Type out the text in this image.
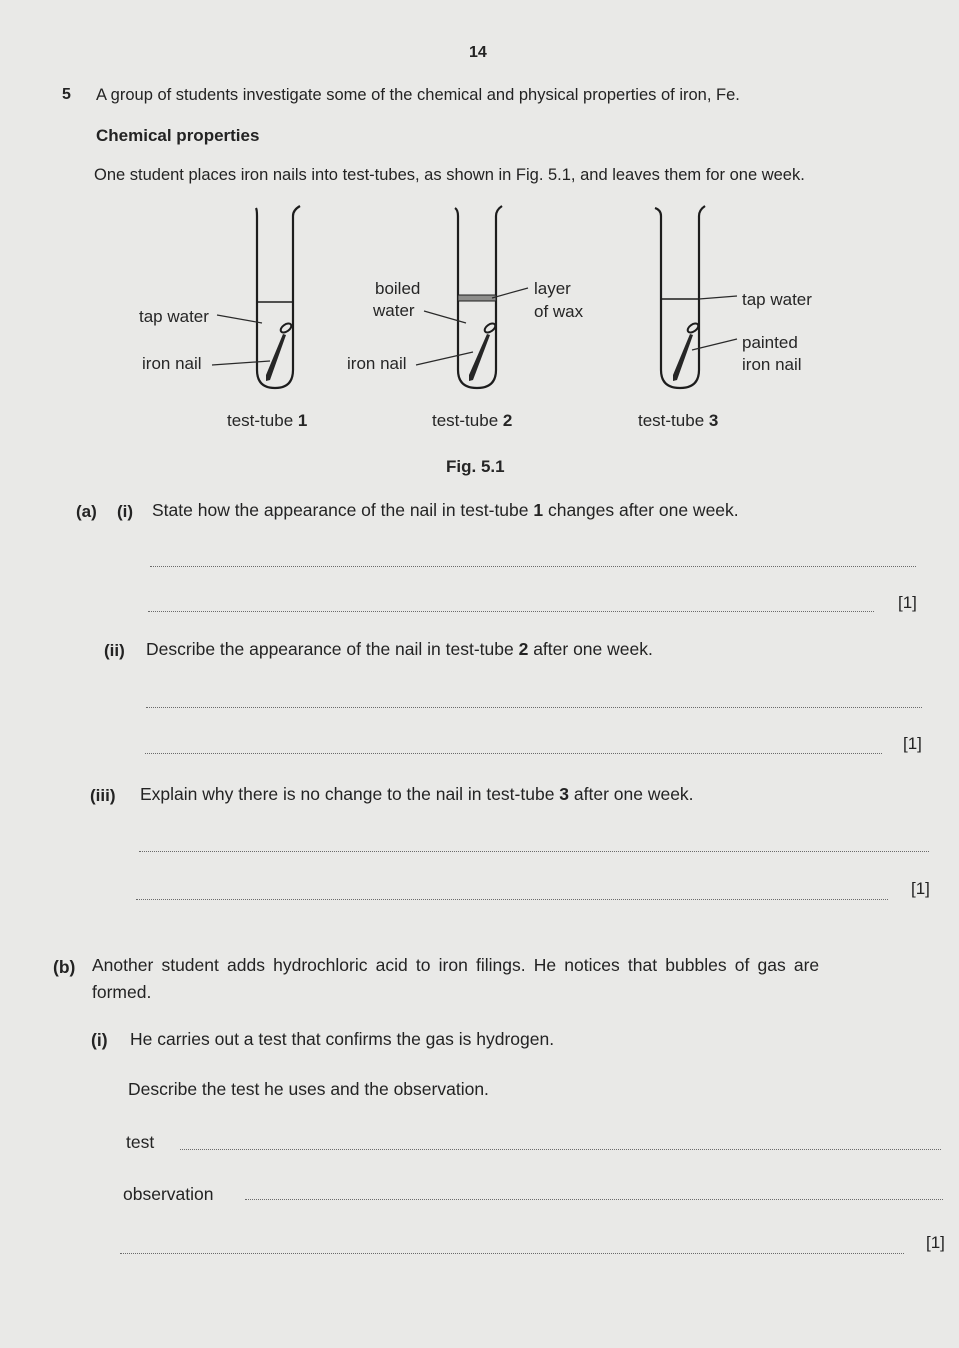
14
5 A group of students investigate some of the chemical and physical properties of iron, Fe.
Chemical properties
One student places iron nails into test-tubes, as shown in Fig. 5.1, and leaves them for one week.
tap water
iron nail
test-tube 1
boiled
water
layer
of wax
iron nail
test-tube 2
tap water
painted
iron nail
test-tube 3
Fig. 5.1
(a) (i) State how the appearance of the nail in test-tube 1 changes after one week.
[1]
(ii) Describe the appearance of the nail in test-tube 2 after one week.
[1]
(iii) Explain why there is no change to the nail in test-tube 3 after one week.
[1]
(b) Another student adds hydrochloric acid to iron filings. He notices that bubbles of gas are
formed.
(i) He carries out a test that confirms the gas is hydrogen.
Describe the test he uses and the observation.
test
observation
[1]
